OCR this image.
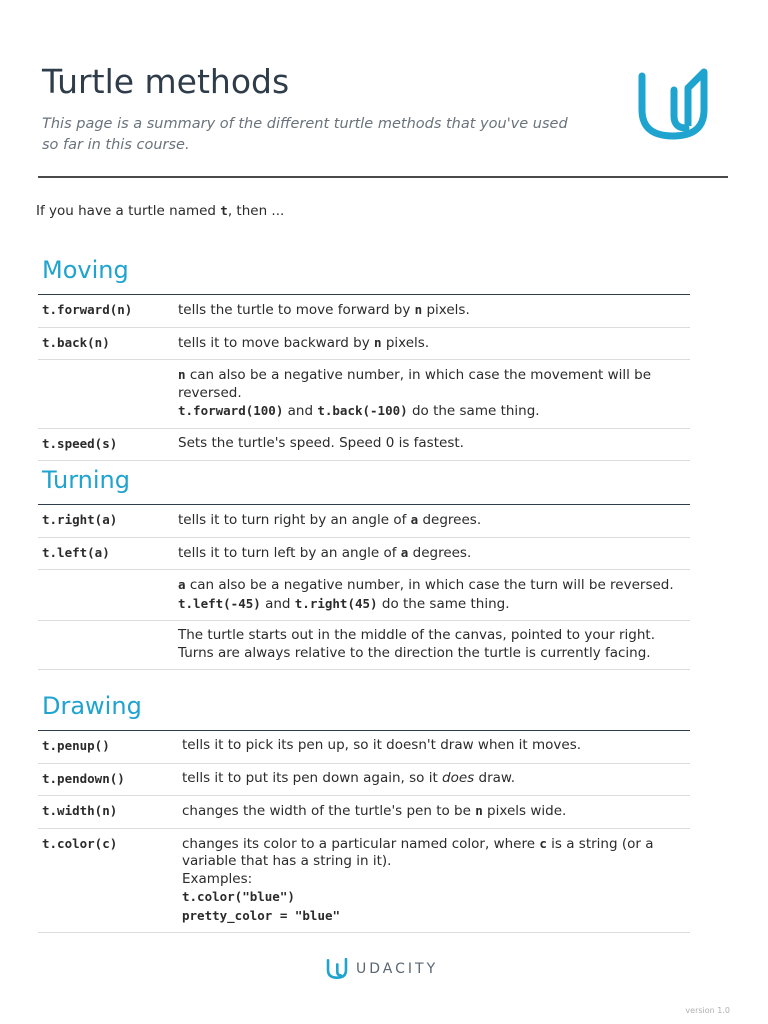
Turtle methods

This page is a summary of the different turtle methods that you've used so far in this course.

If you have a turtle named t, then ...

Moving
t.forward(n)	tells the turtle to move forward by n pixels.
t.back(n)	tells it to move backward by n pixels.
	n can also be a negative number, in which case the movement will be reversed.
t.forward(100) and t.back(-100) do the same thing.
t.speed(s)	Sets the turtle's speed. Speed 0 is fastest.
Turning
t.right(a)	tells it to turn right by an angle of a degrees.
t.left(a)	tells it to turn left by an angle of a degrees.
	a can also be a negative number, in which case the turn will be reversed.
t.left(-45) and t.right(45) do the same thing.
	The turtle starts out in the middle of the canvas, pointed to your right.
Turns are always relative to the direction the turtle is currently facing.
Drawing
t.penup()	tells it to pick its pen up, so it doesn't draw when it moves.
t.pendown()	tells it to put its pen down again, so it does draw.
t.width(n)	changes the width of the turtle's pen to be n pixels wide.
t.color(c)	changes its color to a particular named color, where c is a string (or a variable that has a string in it).
Examples:
t.color("blue")
pretty_color = "blue"
UDACITY
version 1.0
